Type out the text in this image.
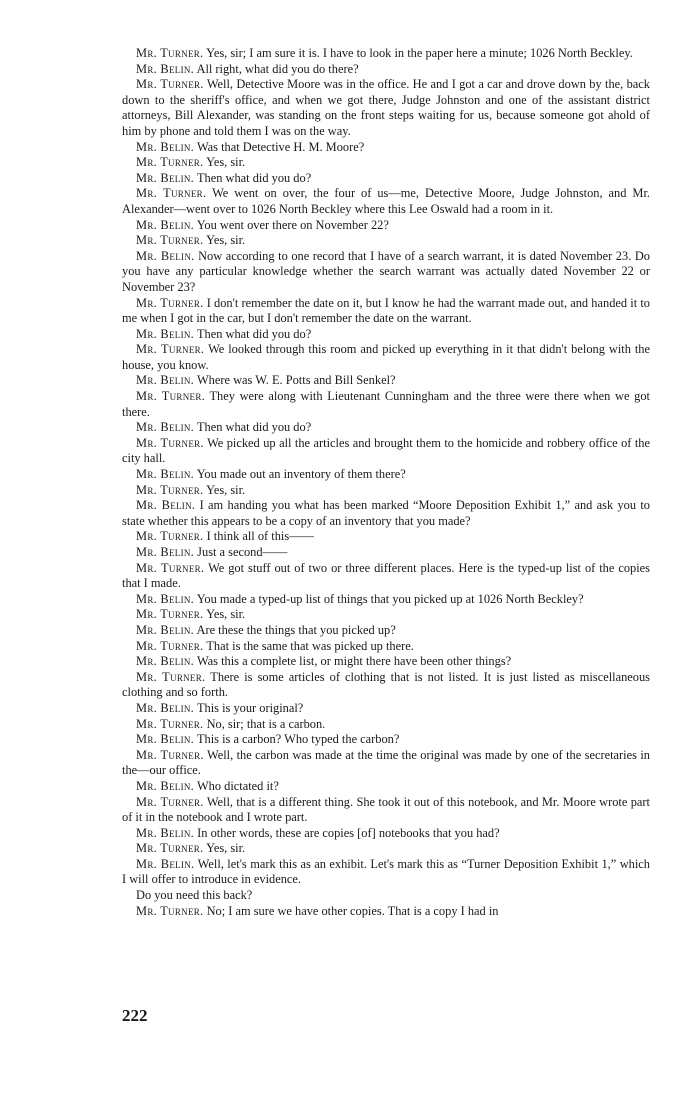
Mr. Turner. Yes, sir; I am sure it is. I have to look in the paper here a minute; 1026 North Beckley.

Mr. Belin. All right, what did you do there?

Mr. Turner. Well, Detective Moore was in the office. He and I got a car and drove down by the, back down to the sheriff's office, and when we got there, Judge Johnston and one of the assistant district attorneys, Bill Alexander, was standing on the front steps waiting for us, because someone got ahold of him by phone and told them I was on the way.

Mr. Belin. Was that Detective H. M. Moore?

Mr. Turner. Yes, sir.

Mr. Belin. Then what did you do?

Mr. Turner. We went on over, the four of us—me, Detective Moore, Judge Johnston, and Mr. Alexander—went over to 1026 North Beckley where this Lee Oswald had a room in it.

Mr. Belin. You went over there on November 22?

Mr. Turner. Yes, sir.

Mr. Belin. Now according to one record that I have of a search warrant, it is dated November 23. Do you have any particular knowledge whether the search warrant was actually dated November 22 or November 23?

Mr. Turner. I don't remember the date on it, but I know he had the warrant made out, and handed it to me when I got in the car, but I don't remember the date on the warrant.

Mr. Belin. Then what did you do?

Mr. Turner. We looked through this room and picked up everything in it that didn't belong with the house, you know.

Mr. Belin. Where was W. E. Potts and Bill Senkel?

Mr. Turner. They were along with Lieutenant Cunningham and the three were there when we got there.

Mr. Belin. Then what did you do?

Mr. Turner. We picked up all the articles and brought them to the homicide and robbery office of the city hall.

Mr. Belin. You made out an inventory of them there?

Mr. Turner. Yes, sir.

Mr. Belin. I am handing you what has been marked “Moore Deposition Exhibit 1,” and ask you to state whether this appears to be a copy of an inventory that you made?

Mr. Turner. I think all of this——

Mr. Belin. Just a second——

Mr. Turner. We got stuff out of two or three different places. Here is the typed-up list of the copies that I made.

Mr. Belin. You made a typed-up list of things that you picked up at 1026 North Beckley?

Mr. Turner. Yes, sir.

Mr. Belin. Are these the things that you picked up?

Mr. Turner. That is the same that was picked up there.

Mr. Belin. Was this a complete list, or might there have been other things?

Mr. Turner. There is some articles of clothing that is not listed. It is just listed as miscellaneous clothing and so forth.

Mr. Belin. This is your original?

Mr. Turner. No, sir; that is a carbon.

Mr. Belin. This is a carbon? Who typed the carbon?

Mr. Turner. Well, the carbon was made at the time the original was made by one of the secretaries in the—our office.

Mr. Belin. Who dictated it?

Mr. Turner. Well, that is a different thing. She took it out of this notebook, and Mr. Moore wrote part of it in the notebook and I wrote part.

Mr. Belin. In other words, these are copies [of] notebooks that you had?

Mr. Turner. Yes, sir.

Mr. Belin. Well, let's mark this as an exhibit. Let's mark this as “Turner Deposition Exhibit 1,” which I will offer to introduce in evidence.

Do you need this back?

Mr. Turner. No; I am sure we have other copies. That is a copy I had in

222
